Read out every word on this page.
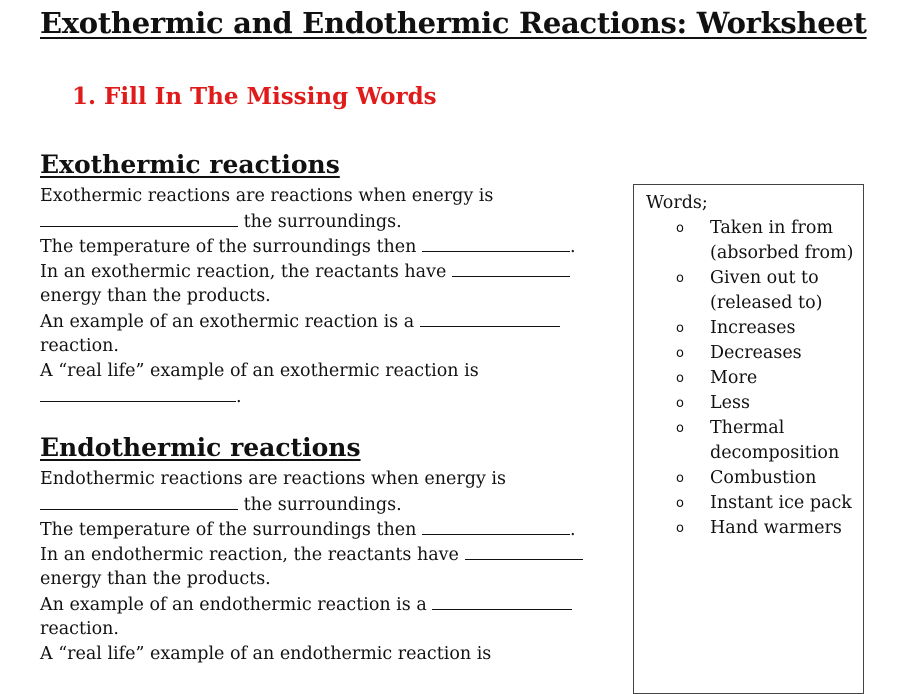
Exothermic and Endothermic Reactions: Worksheet
1. Fill In The Missing Words
Exothermic reactions
Exothermic reactions are reactions when energy is
the surroundings.
The temperature of the surroundings then	.
In an exothermic reaction, the reactants have
energy than the products.
An example of an exothermic reaction is a
reaction.
A “real life” example of an exothermic reaction is
.
Endothermic reactions
Endothermic reactions are reactions when energy is
the surroundings.
The temperature of the surroundings then	.
In an endothermic reaction, the reactants have
energy than the products.
An example of an endothermic reaction is a
reaction.
A “real life” example of an endothermic reaction is
Words;
o Taken in from (absorbed from)
o Given out to (released to)
o Increases
o Decreases
o More
o Less
o Thermal decomposition
o Combustion
o Instant ice pack
o Hand warmers
